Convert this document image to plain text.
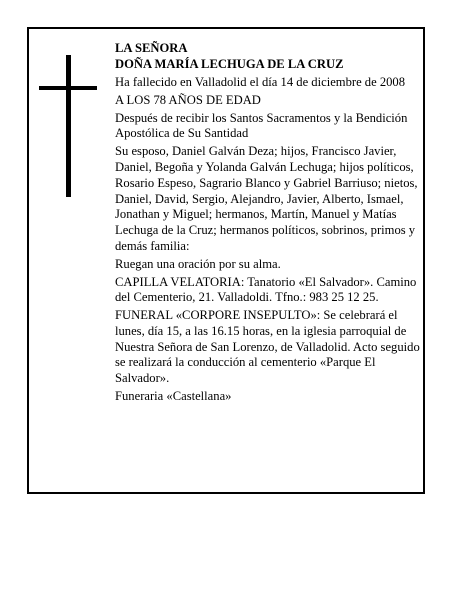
LA SEÑORA

DOÑA MARÍA LECHUGA DE LA CRUZ

Ha fallecido en Valladolid el día 14 de diciembre de 2008

A LOS 78 AÑOS DE EDAD

Después de recibir los Santos Sacramentos y la Bendición Apostólica de Su Santidad

Su esposo, Daniel Galván Deza; hijos, Francisco Javier, Daniel, Begoña y Yolanda Galván Lechuga; hijos políticos, Rosario Espeso, Sagrario Blanco y Gabriel Barriuso; nietos, Daniel, David, Sergio, Alejandro, Javier, Alberto, Ismael, Jonathan y Miguel; hermanos, Martín, Manuel y Matías Lechuga de la Cruz; hermanos políticos, sobrinos, primos y demás familia:

Ruegan una oración por su alma.

CAPILLA VELATORIA: Tanatorio «El Salvador». Camino del Cementerio, 21. Valladoldi. Tfno.: 983 25 12 25.

FUNERAL «CORPORE INSEPULTO»: Se celebrará el lunes, día 15, a las 16.15 horas, en la iglesia parroquial de Nuestra Señora de San Lorenzo, de Valladolid. Acto seguido se realizará la conducción al cementerio «Parque El Salvador».

Funeraria «Castellana»
